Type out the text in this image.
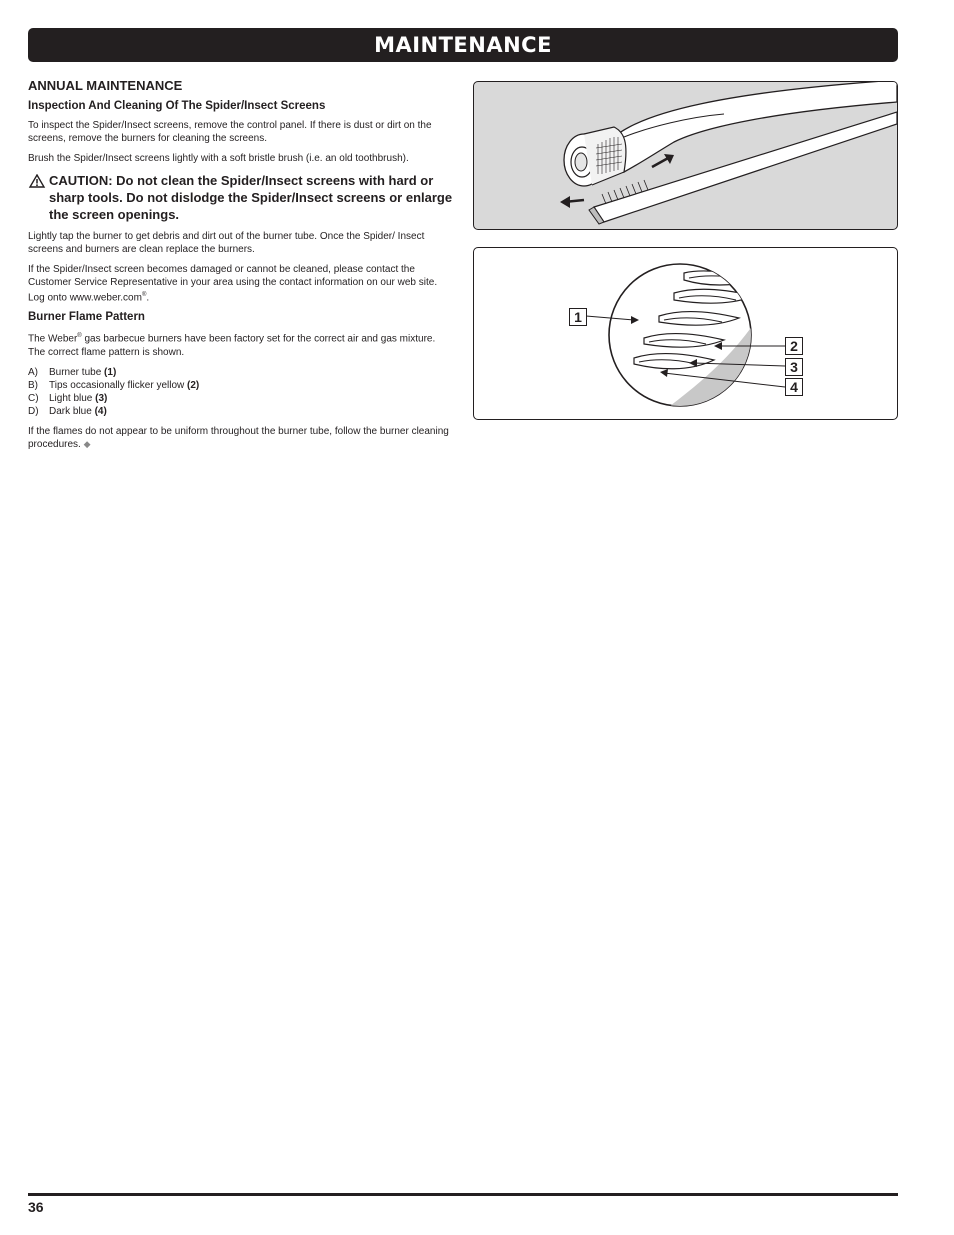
MAINTENANCE
ANNUAL MAINTENANCE
Inspection And Cleaning Of The Spider/Insect Screens
To inspect the Spider/Insect screens, remove the control panel. If there is dust or dirt on the screens, remove the burners for cleaning the screens.
Brush the Spider/Insect screens lightly with a soft bristle brush (i.e. an old toothbrush).
CAUTION: Do not clean the Spider/Insect screens with hard or sharp tools. Do not dislodge the Spider/Insect screens or enlarge the screen openings.
Lightly tap the burner to get debris and dirt out of the burner tube. Once the Spider/ Insect screens and burners are clean replace the burners.
If the Spider/Insect screen becomes damaged or cannot be cleaned, please contact the Customer Service Representative in your area using the contact information on our web site. Log onto www.weber.com®.
Burner Flame Pattern
The Weber® gas barbecue burners have been factory set for the correct air and gas mixture. The correct flame pattern is shown.
A)	Burner tube (1)
B)	Tips occasionally flicker yellow (2)
C)	Light blue (3)
D)	Dark blue (4)
If the flames do not appear to be uniform throughout the burner tube, follow the burner cleaning procedures. ◆
1
2
3
4
36
